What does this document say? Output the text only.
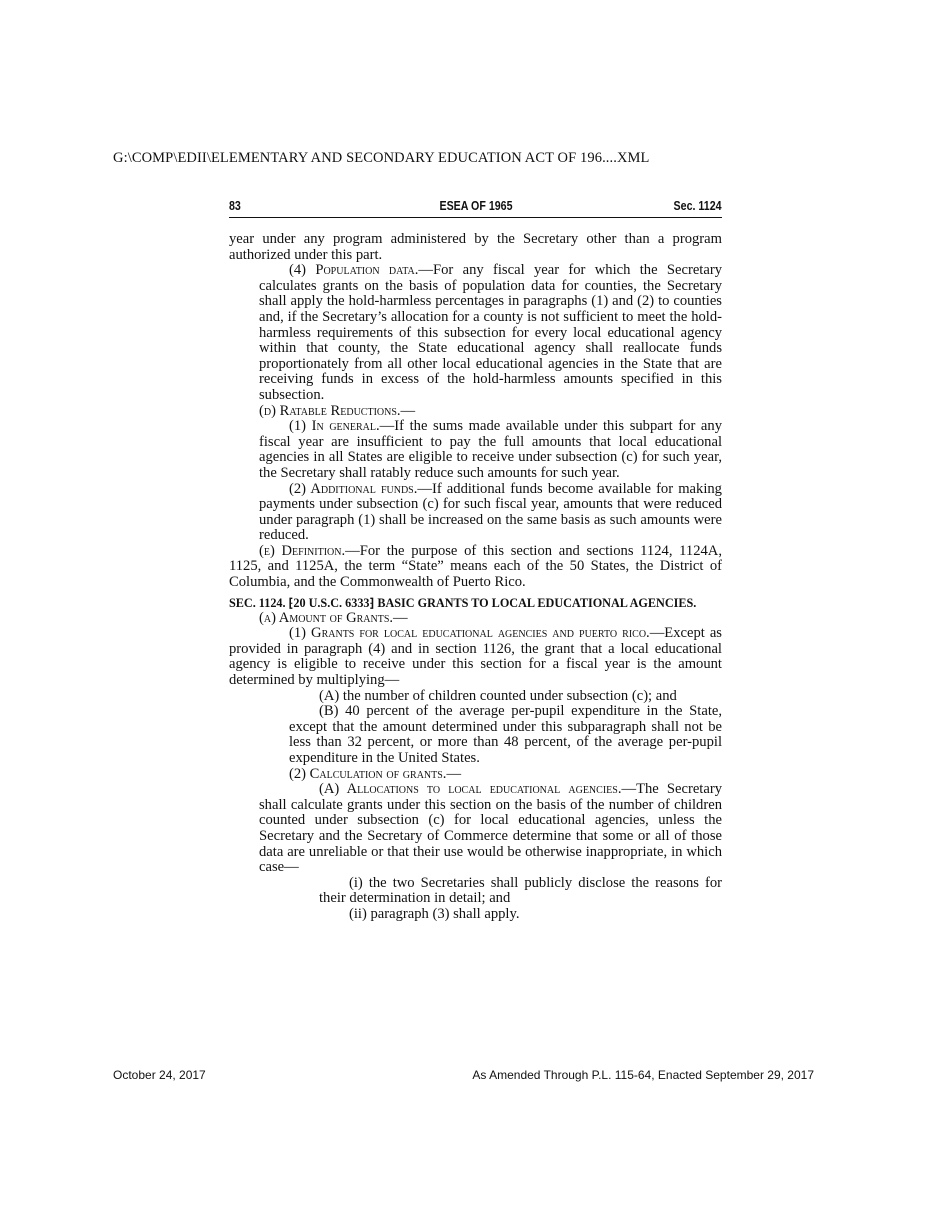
G:\COMP\EDII\ELEMENTARY AND SECONDARY EDUCATION ACT OF 196....XML
83	ESEA OF 1965	Sec. 1124

year under any program administered by the Secretary other than a program authorized under this part.

(4) Population data.—For any fiscal year for which the Secretary calculates grants on the basis of population data for counties, the Secretary shall apply the hold-harmless percentages in paragraphs (1) and (2) to counties and, if the Secretary’s allocation for a county is not sufficient to meet the hold-harmless requirements of this subsection for every local educational agency within that county, the State educational agency shall reallocate funds proportionately from all other local educational agencies in the State that are receiving funds in excess of the hold-harmless amounts specified in this subsection.

(d) Ratable Reductions.—

(1) In general.—If the sums made available under this subpart for any fiscal year are insufficient to pay the full amounts that local educational agencies in all States are eligible to receive under subsection (c) for such year, the Secretary shall ratably reduce such amounts for such year.

(2) Additional funds.—If additional funds become available for making payments under subsection (c) for such fiscal year, amounts that were reduced under paragraph (1) shall be increased on the same basis as such amounts were reduced.

(e) Definition.—For the purpose of this section and sections 1124, 1124A, 1125, and 1125A, the term “State” means each of the 50 States, the District of Columbia, and the Commonwealth of Puerto Rico.

SEC. 1124. ⁅20 U.S.C. 6333⁆ BASIC GRANTS TO LOCAL EDUCATIONAL AGENCIES.

(a) Amount of Grants.—

(1) Grants for local educational agencies and puerto rico.—Except as provided in paragraph (4) and in section 1126, the grant that a local educational agency is eligible to receive under this section for a fiscal year is the amount determined by multiplying—

(A) the number of children counted under subsection (c); and

(B) 40 percent of the average per-pupil expenditure in the State, except that the amount determined under this subparagraph shall not be less than 32 percent, or more than 48 percent, of the average per-pupil expenditure in the United States.

(2) Calculation of grants.—

(A) Allocations to local educational agencies.—The Secretary shall calculate grants under this section on the basis of the number of children counted under subsection (c) for local educational agencies, unless the Secretary and the Secretary of Commerce determine that some or all of those data are unreliable or that their use would be otherwise inappropriate, in which case—

(i) the two Secretaries shall publicly disclose the reasons for their determination in detail; and

(ii) paragraph (3) shall apply.

October 24, 2017	As Amended Through P.L. 115-64, Enacted September 29, 2017
